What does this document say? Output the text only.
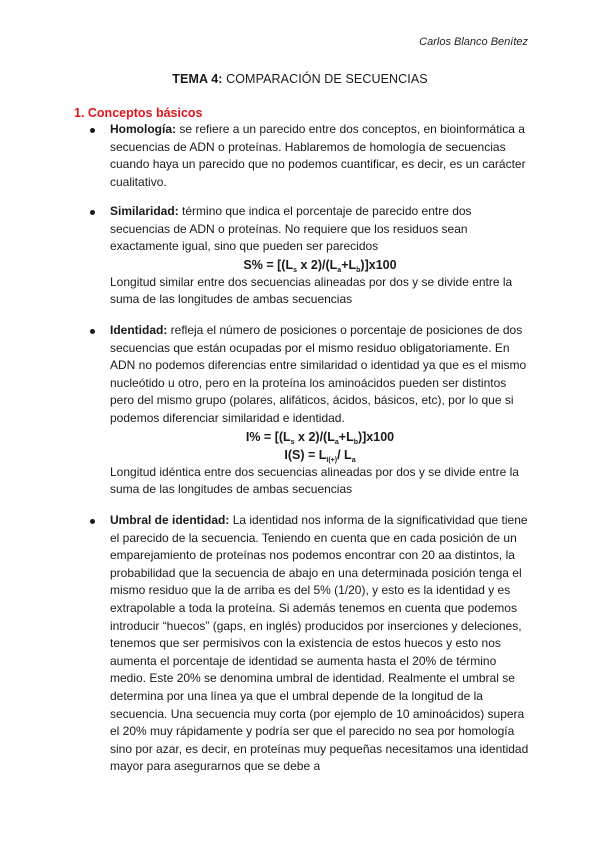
Carlos Blanco Benítez
TEMA 4: COMPARACIÓN DE SECUENCIAS
1. Conceptos básicos
Homología: se refiere a un parecido entre dos conceptos, en bioinformática a secuencias de ADN o proteínas. Hablaremos de homología de secuencias cuando haya un parecido que no podemos cuantificar, es decir, es un carácter cualitativo.
Similaridad: término que indica el porcentaje de parecido entre dos secuencias de ADN o proteínas. No requiere que los residuos sean exactamente igual, sino que pueden ser parecidos
$S\% = [(L_s$ x $2)/(L_a+L_b)]x100$
Longitud similar entre dos secuencias alineadas por dos y se divide entre la suma de las longitudes de ambas secuencias
Identidad: refleja el número de posiciones o porcentaje de posiciones de dos secuencias que están ocupadas por el mismo residuo obligatoriamente. En ADN no podemos diferencias entre similaridad o identidad ya que es el mismo nucleótido u otro, pero en la proteína los aminoácidos pueden ser distintos pero del mismo grupo (polares, alifáticos, ácidos, básicos, etc), por lo que si podemos diferenciar similaridad e identidad.
$I\% = [(L_s$ x $2)/(L_a+L_b)]x100$
$I(S) = L_{I(+)}/$ $L_a$
Longitud idéntica entre dos secuencias alineadas por dos y se divide entre la suma de las longitudes de ambas secuencias
Umbral de identidad: La identidad nos informa de la significatividad que tiene el parecido de la secuencia. Teniendo en cuenta que en cada posición de un emparejamiento de proteínas nos podemos encontrar con 20 aa distintos, la probabilidad que la secuencia de abajo en una determinada posición tenga el mismo residuo que la de arriba es del 5% (1/20), y esto es la identidad y es extrapolable a toda la proteína. Si además tenemos en cuenta que podemos introducir “huecos” (gaps, en inglés) producidos por inserciones y deleciones, tenemos que ser permisivos con la existencia de estos huecos y esto nos aumenta el porcentaje de identidad se aumenta hasta el 20% de término medio. Este 20% se denomina umbral de identidad. Realmente el umbral se determina por una línea ya que el umbral depende de la longitud de la secuencia. Una secuencia muy corta (por ejemplo de 10 aminoácidos) supera el 20% muy rápidamente y podría ser que el parecido no sea por homología sino por azar, es decir, en proteínas muy pequeñas necesitamos una identidad mayor para asegurarnos que se debe a
